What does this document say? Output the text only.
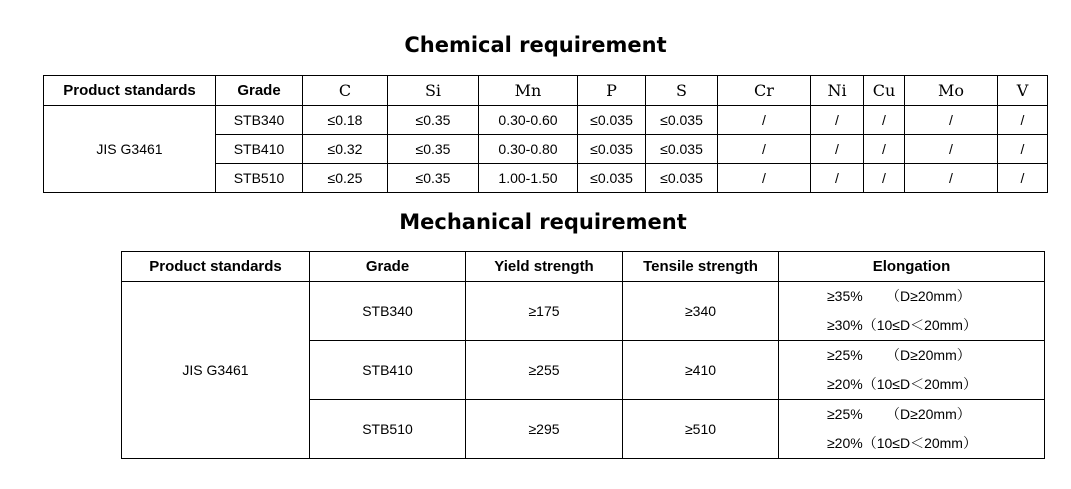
Chemical requirement
Product standards	Grade	C	Si	Mn	P	S	Cr	Ni	Cu	Mo	V
JIS G3461	STB340	≤0.18	≤0.35	0.30-0.60	≤0.035	≤0.035	/	/	/	/	/
	STB410	≤0.32	≤0.35	0.30-0.80	≤0.035	≤0.035	/	/	/	/	/
	STB510	≤0.25	≤0.35	1.00-1.50	≤0.035	≤0.035	/	/	/	/	/
Mechanical requirement
Product standards	Grade	Yield strength	Tensile strength	Elongation
JIS G3461	STB340	≥175	≥340	≥35%      （D≥20mm）
≥30%（10≤D＜20mm）

	STB410	≥255	≥410	≥25%      （D≥20mm）
≥20%（10≤D＜20mm）

	STB510	≥295	≥510	≥25%      （D≥20mm）
≥20%（10≤D＜20mm）
